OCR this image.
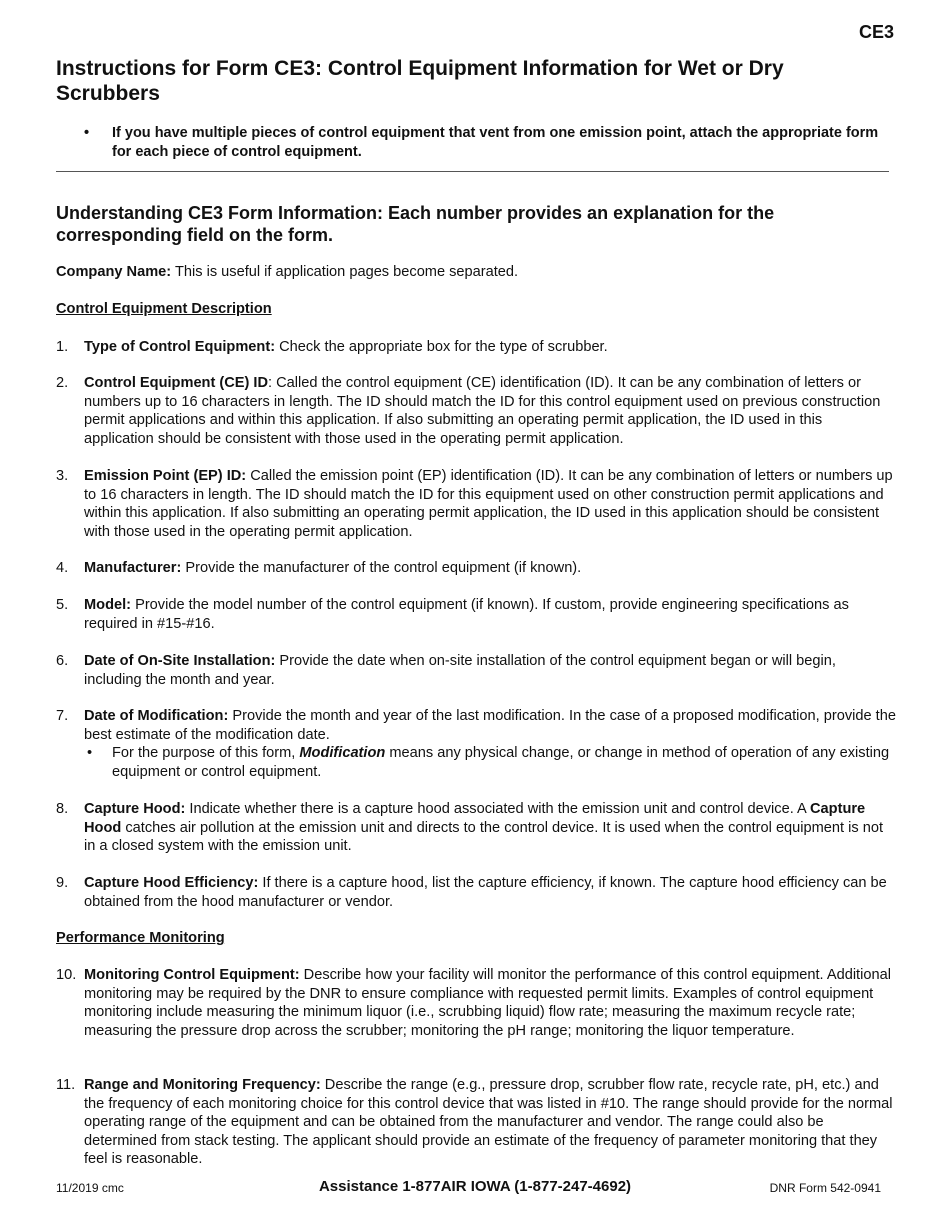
CE3
Instructions for Form CE3: Control Equipment Information for Wet or Dry Scrubbers
• If you have multiple pieces of control equipment that vent from one emission point, attach the appropriate form for each piece of control equipment.
Understanding CE3 Form Information: Each number provides an explanation for the corresponding field on the form.

Company Name: This is useful if application pages become separated.

Control Equipment Description

1. Type of Control Equipment: Check the appropriate box for the type of scrubber.
2. Control Equipment (CE) ID: Called the control equipment (CE) identification (ID). It can be any combination of letters or numbers up to 16 characters in length. The ID should match the ID for this control equipment used on previous construction permit applications and within this application. If also submitting an operating permit application, the ID used in this application should be consistent with those used in the operating permit application.
3. Emission Point (EP) ID: Called the emission point (EP) identification (ID). It can be any combination of letters or numbers up to 16 characters in length. The ID should match the ID for this equipment used on other construction permit applications and within this application. If also submitting an operating permit application, the ID used in this application should be consistent with those used in the operating permit application.
4. Manufacturer: Provide the manufacturer of the control equipment (if known).
5. Model: Provide the model number of the control equipment (if known). If custom, provide engineering specifications as required in #15-#16.
6. Date of On-Site Installation: Provide the date when on-site installation of the control equipment began or will begin, including the month and year.
7. Date of Modification: Provide the month and year of the last modification. In the case of a proposed modification, provide the best estimate of the modification date.
• For the purpose of this form, Modification means any physical change, or change in method of operation of any existing equipment or control equipment.
8. Capture Hood: Indicate whether there is a capture hood associated with the emission unit and control device. A Capture Hood catches air pollution at the emission unit and directs to the control device. It is used when the control equipment is not in a closed system with the emission unit.
9. Capture Hood Efficiency: If there is a capture hood, list the capture efficiency, if known. The capture hood efficiency can be obtained from the hood manufacturer or vendor.

Performance Monitoring

10. Monitoring Control Equipment: Describe how your facility will monitor the performance of this control equipment. Additional monitoring may be required by the DNR to ensure compliance with requested permit limits. Examples of control equipment monitoring include measuring the minimum liquor (i.e., scrubbing liquid) flow rate; measuring the maximum recycle rate; measuring the pressure drop across the scrubber; monitoring the pH range; monitoring the liquor temperature.
11. Range and Monitoring Frequency: Describe the range (e.g., pressure drop, scrubber flow rate, recycle rate, pH, etc.) and the frequency of each monitoring choice for this control device that was listed in #10. The range should provide for the normal operating range of the equipment and can be obtained from the manufacturer and vendor. The range could also be determined from stack testing. The applicant should provide an estimate of the frequency of parameter monitoring that they feel is reasonable.
11/2019 cmc	Assistance 1-877AIR IOWA (1-877-247-4692)	DNR Form 542-0941
